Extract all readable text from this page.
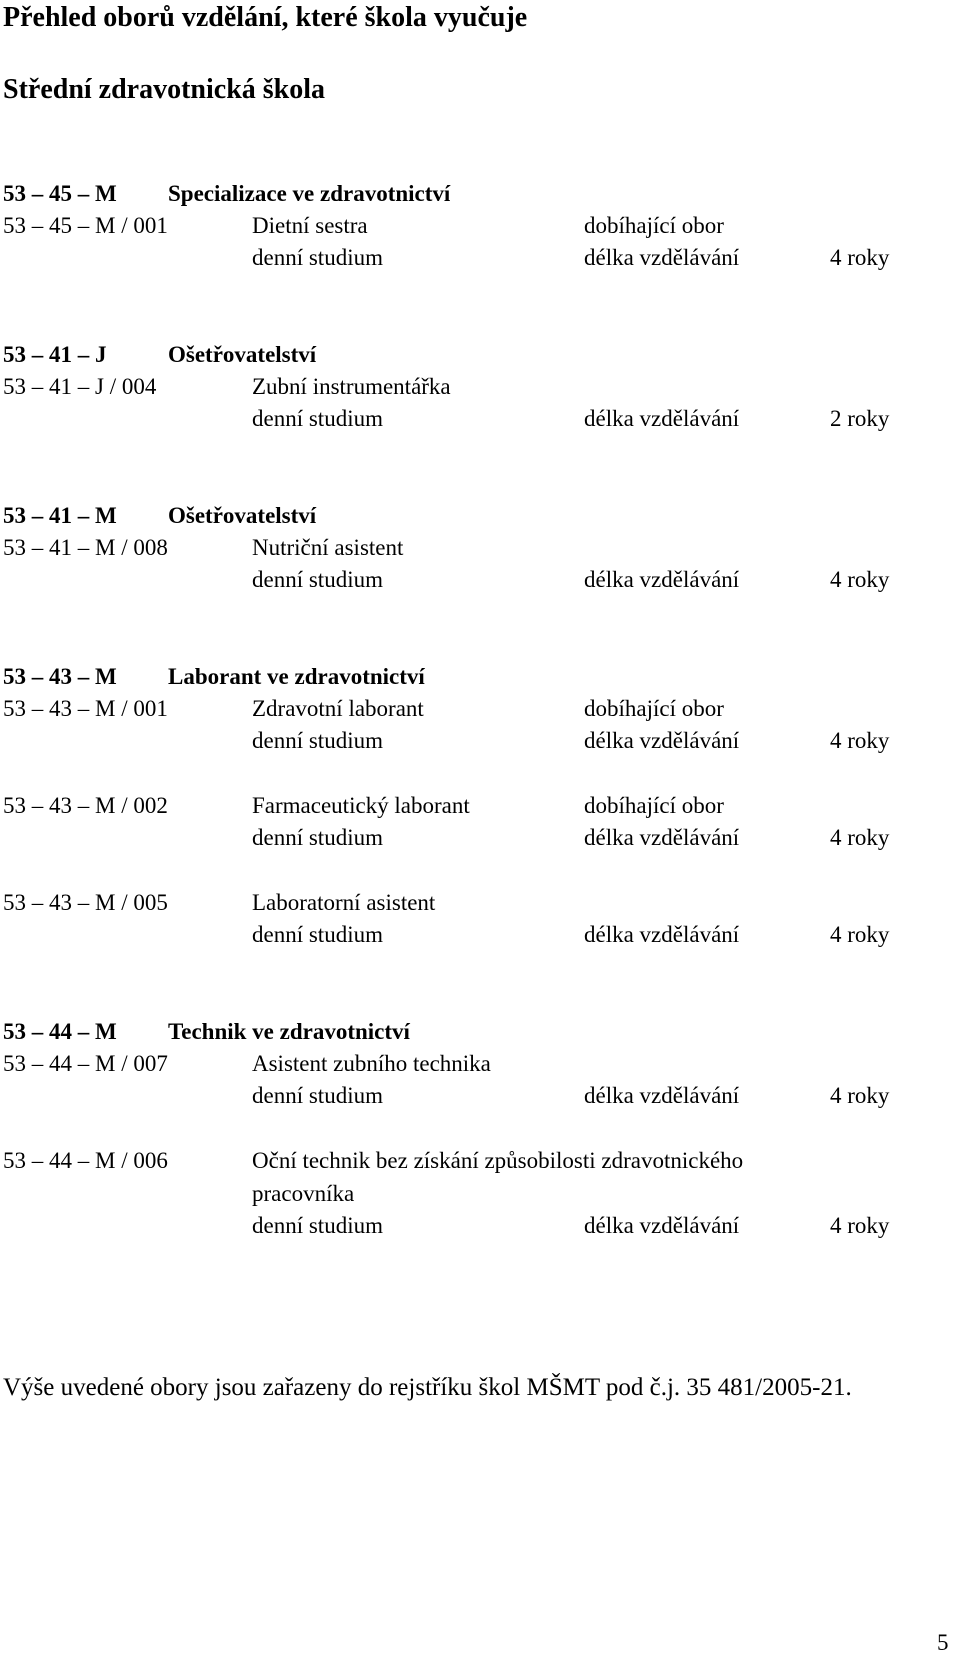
Přehled oborů vzdělání, které škola vyučuje
Střední zdravotnická škola
53 – 45 – M Specializace ve zdravotnictví
53 – 45 – M / 001	Dietní sestra	dobíhající obor
denní studium	délka vzdělávání	4 roky
53 – 41 – J	Ošetřovatelství
53 – 41 – J / 004	Zubní instrumentářka
denní studium	délka vzdělávání	2 roky
53 – 41 – M Ošetřovatelství
53 – 41 – M / 008	Nutriční asistent
denní studium	délka vzdělávání	4 roky
53 – 43 – M Laborant ve zdravotnictví
53 – 43 – M / 001	Zdravotní laborant	dobíhající obor
denní studium	délka vzdělávání	4 roky
53 – 43 – M / 002	Farmaceutický laborant	dobíhající obor
denní studium	délka vzdělávání	4 roky
53 – 43 – M / 005	Laboratorní asistent
denní studium	délka vzdělávání	4 roky
53 – 44 – M Technik ve zdravotnictví
53 – 44 – M / 007	Asistent zubního technika
denní studium	délka vzdělávání	4 roky
53 – 44 – M / 006	Oční technik bez získání způsobilosti zdravotnického
pracovníka
denní studium	délka vzdělávání	4 roky
Výše uvedené obory jsou zařazeny do rejstříku škol MŠMT pod č.j. 35 481/2005-21.
5
